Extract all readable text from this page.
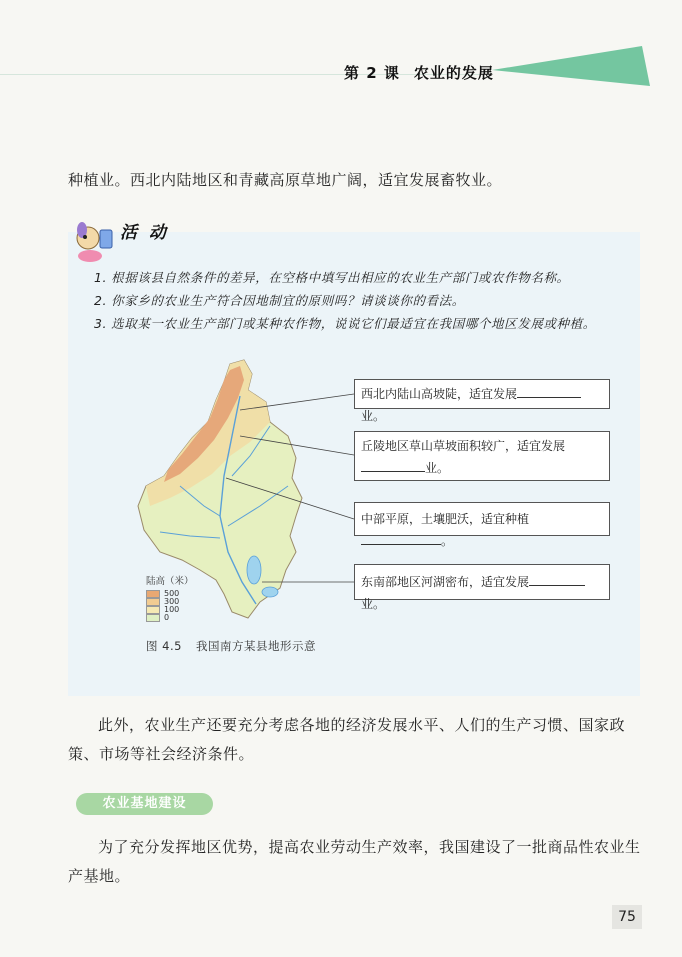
第 2 课 农业的发展
种植业。西北内陆地区和青藏高原草地广阔，适宜发展畜牧业。
活 动
1. 根据该县自然条件的差异，在空格中填写出相应的农业生产部门或农作物名称。
2. 你家乡的农业生产符合因地制宜的原则吗？请谈谈你的看法。
3. 选取某一农业生产部门或某种农作物，说说它们最适宜在我国哪个地区发展或种植。
西北内陆山高坡陡，适宜发展业。
丘陵地区草山草坡面积较广，适宜发展
业。
中部平原，土壤肥沃，适宜种植。
东南部地区河湖密布，适宜发展业。
陆高（米）
500
300
100
0
图 4.5 我国南方某县地形示意
此外，农业生产还要充分考虑各地的经济发展水平、人们的生产习惯、国家政策、市场等社会经济条件。
农业基地建设
为了充分发挥地区优势，提高农业劳动生产效率，我国建设了一批商品性农业生产基地。
75
